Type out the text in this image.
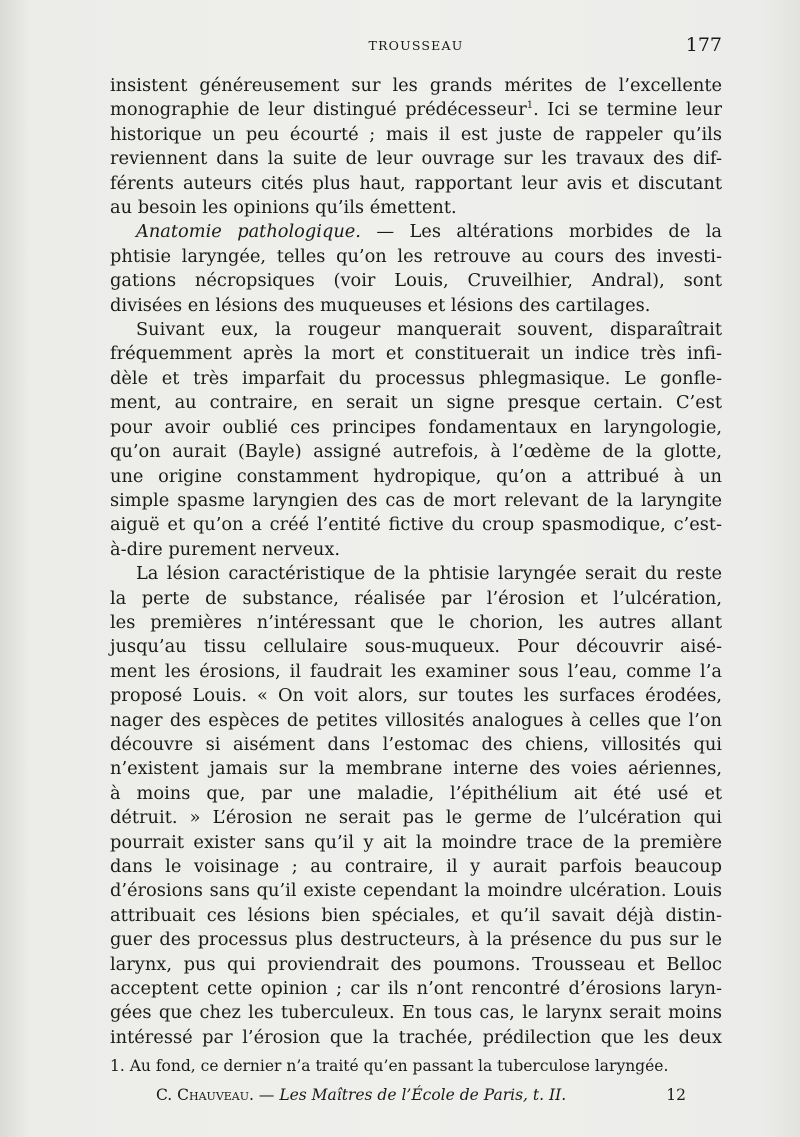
TROUSSEAU	177
insistent généreusement sur les grands mérites de l’excellente
monographie de leur distingué prédécesseur$^1$. Ici se termine leur
historique un peu écourté ; mais il est juste de rappeler qu’ils
reviennent dans la suite de leur ouvrage sur les travaux des dif-
férents auteurs cités plus haut, rapportant leur avis et discutant
au besoin les opinions qu’ils émettent.
Anatomie pathologique. — Les altérations morbides de la
phtisie laryngée, telles qu’on les retrouve au cours des investi-
gations nécropsiques (voir Louis, Cruveilhier, Andral), sont
divisées en lésions des muqueuses et lésions des cartilages.
Suivant eux, la rougeur manquerait souvent, disparaîtrait
fréquemment après la mort et constituerait un indice très infi-
dèle et très imparfait du processus phlegmasique. Le gonfle-
ment, au contraire, en serait un signe presque certain. C’est
pour avoir oublié ces principes fondamentaux en laryngologie,
qu’on aurait (Bayle) assigné autrefois, à l’œdème de la glotte,
une origine constamment hydropique, qu’on a attribué à un
simple spasme laryngien des cas de mort relevant de la laryngite
aiguë et qu’on a créé l’entité fictive du croup spasmodique, c’est-
à-dire purement nerveux.
La lésion caractéristique de la phtisie laryngée serait du reste
la perte de substance, réalisée par l’érosion et l’ulcération,
les premières n’intéressant que le chorion, les autres allant
jusqu’au tissu cellulaire sous-muqueux. Pour découvrir aisé-
ment les érosions, il faudrait les examiner sous l’eau, comme l’a
proposé Louis. « On voit alors, sur toutes les surfaces érodées,
nager des espèces de petites villosités analogues à celles que l’on
découvre si aisément dans l’estomac des chiens, villosités qui
n’existent jamais sur la membrane interne des voies aériennes,
à moins que, par une maladie, l’épithélium ait été usé et
détruit. » L’érosion ne serait pas le germe de l’ulcération qui
pourrait exister sans qu’il y ait la moindre trace de la première
dans le voisinage ; au contraire, il y aurait parfois beaucoup
d’érosions sans qu’il existe cependant la moindre ulcération. Louis
attribuait ces lésions bien spéciales, et qu’il savait déjà distin-
guer des processus plus destructeurs, à la présence du pus sur le
larynx, pus qui proviendrait des poumons. Trousseau et Belloc
acceptent cette opinion ; car ils n’ont rencontré d’érosions laryn-
gées que chez les tuberculeux. En tous cas, le larynx serait moins
intéressé par l’érosion que la trachée, prédilection que les deux
1. Au fond, ce dernier n’a traité qu’en passant la tuberculose laryngée.
C. Chauveau. — Les Maîtres de l’École de Paris, t. II.	12
